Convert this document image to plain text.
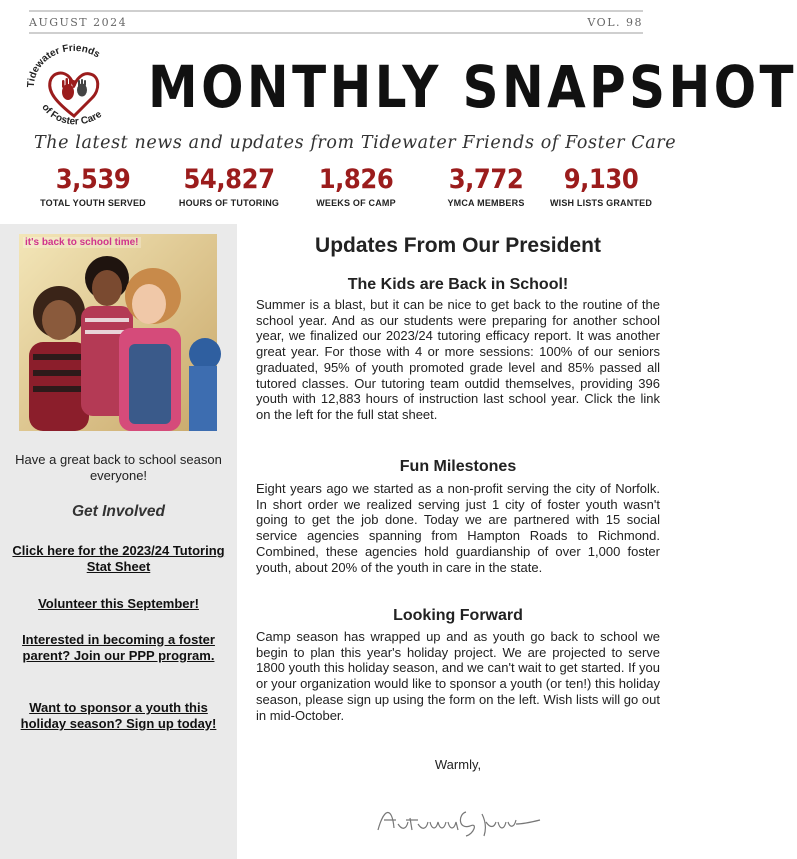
AUGUST 2024	VOL. 98
Tidewater Friends
of Foster Care MONTHLY SNAPSHOT
The latest news and updates from Tidewater Friends of Foster Care
3,539
TOTAL YOUTH SERVED
54,827
HOURS OF TUTORING
1,826
WEEKS OF CAMP
3,772
YMCA MEMBERS
9,130
WISH LISTS GRANTED
it's back to school time!
Have a great back to school season everyone!
Get Involved
Click here for the 2023/24 Tutoring Stat Sheet
Volunteer this September!
Interested in becoming a foster parent? Join our PPP program.
Want to sponsor a youth this holiday season? Sign up today!
Updates From Our President
The Kids are Back in School!

Summer is a blast, but it can be nice to get back to the routine of the school year. And as our students were preparing for another school year, we finalized our 2023/24 tutoring efficacy report. It was another great year. For those with 4 or more sessions: 100% of our seniors graduated, 95% of youth promoted grade level and 85% passed all tutored classes. Our tutoring team outdid themselves, providing 396 youth with 12,883 hours of instruction last school year. Click the link on the left for the full stat sheet.

Fun Milestones

Eight years ago we started as a non-profit serving the city of Norfolk. In short order we realized serving just 1 city of foster youth wasn't going to get the job done. Today we are partnered with 15 social service agencies spanning from Hampton Roads to Richmond. Combined, these agencies hold guardianship of over 1,000 foster youth, about 20% of the youth in care in the state.

Looking Forward

Camp season has wrapped up and as youth go back to school we begin to plan this year's holiday project. We are projected to serve 1800 youth this holiday season, and we can't wait to get started. If you or your organization would like to sponsor a youth (or ten!) this holiday season, please sign up using the form on the left. Wish lists will go out in mid-October.

Warmly,
